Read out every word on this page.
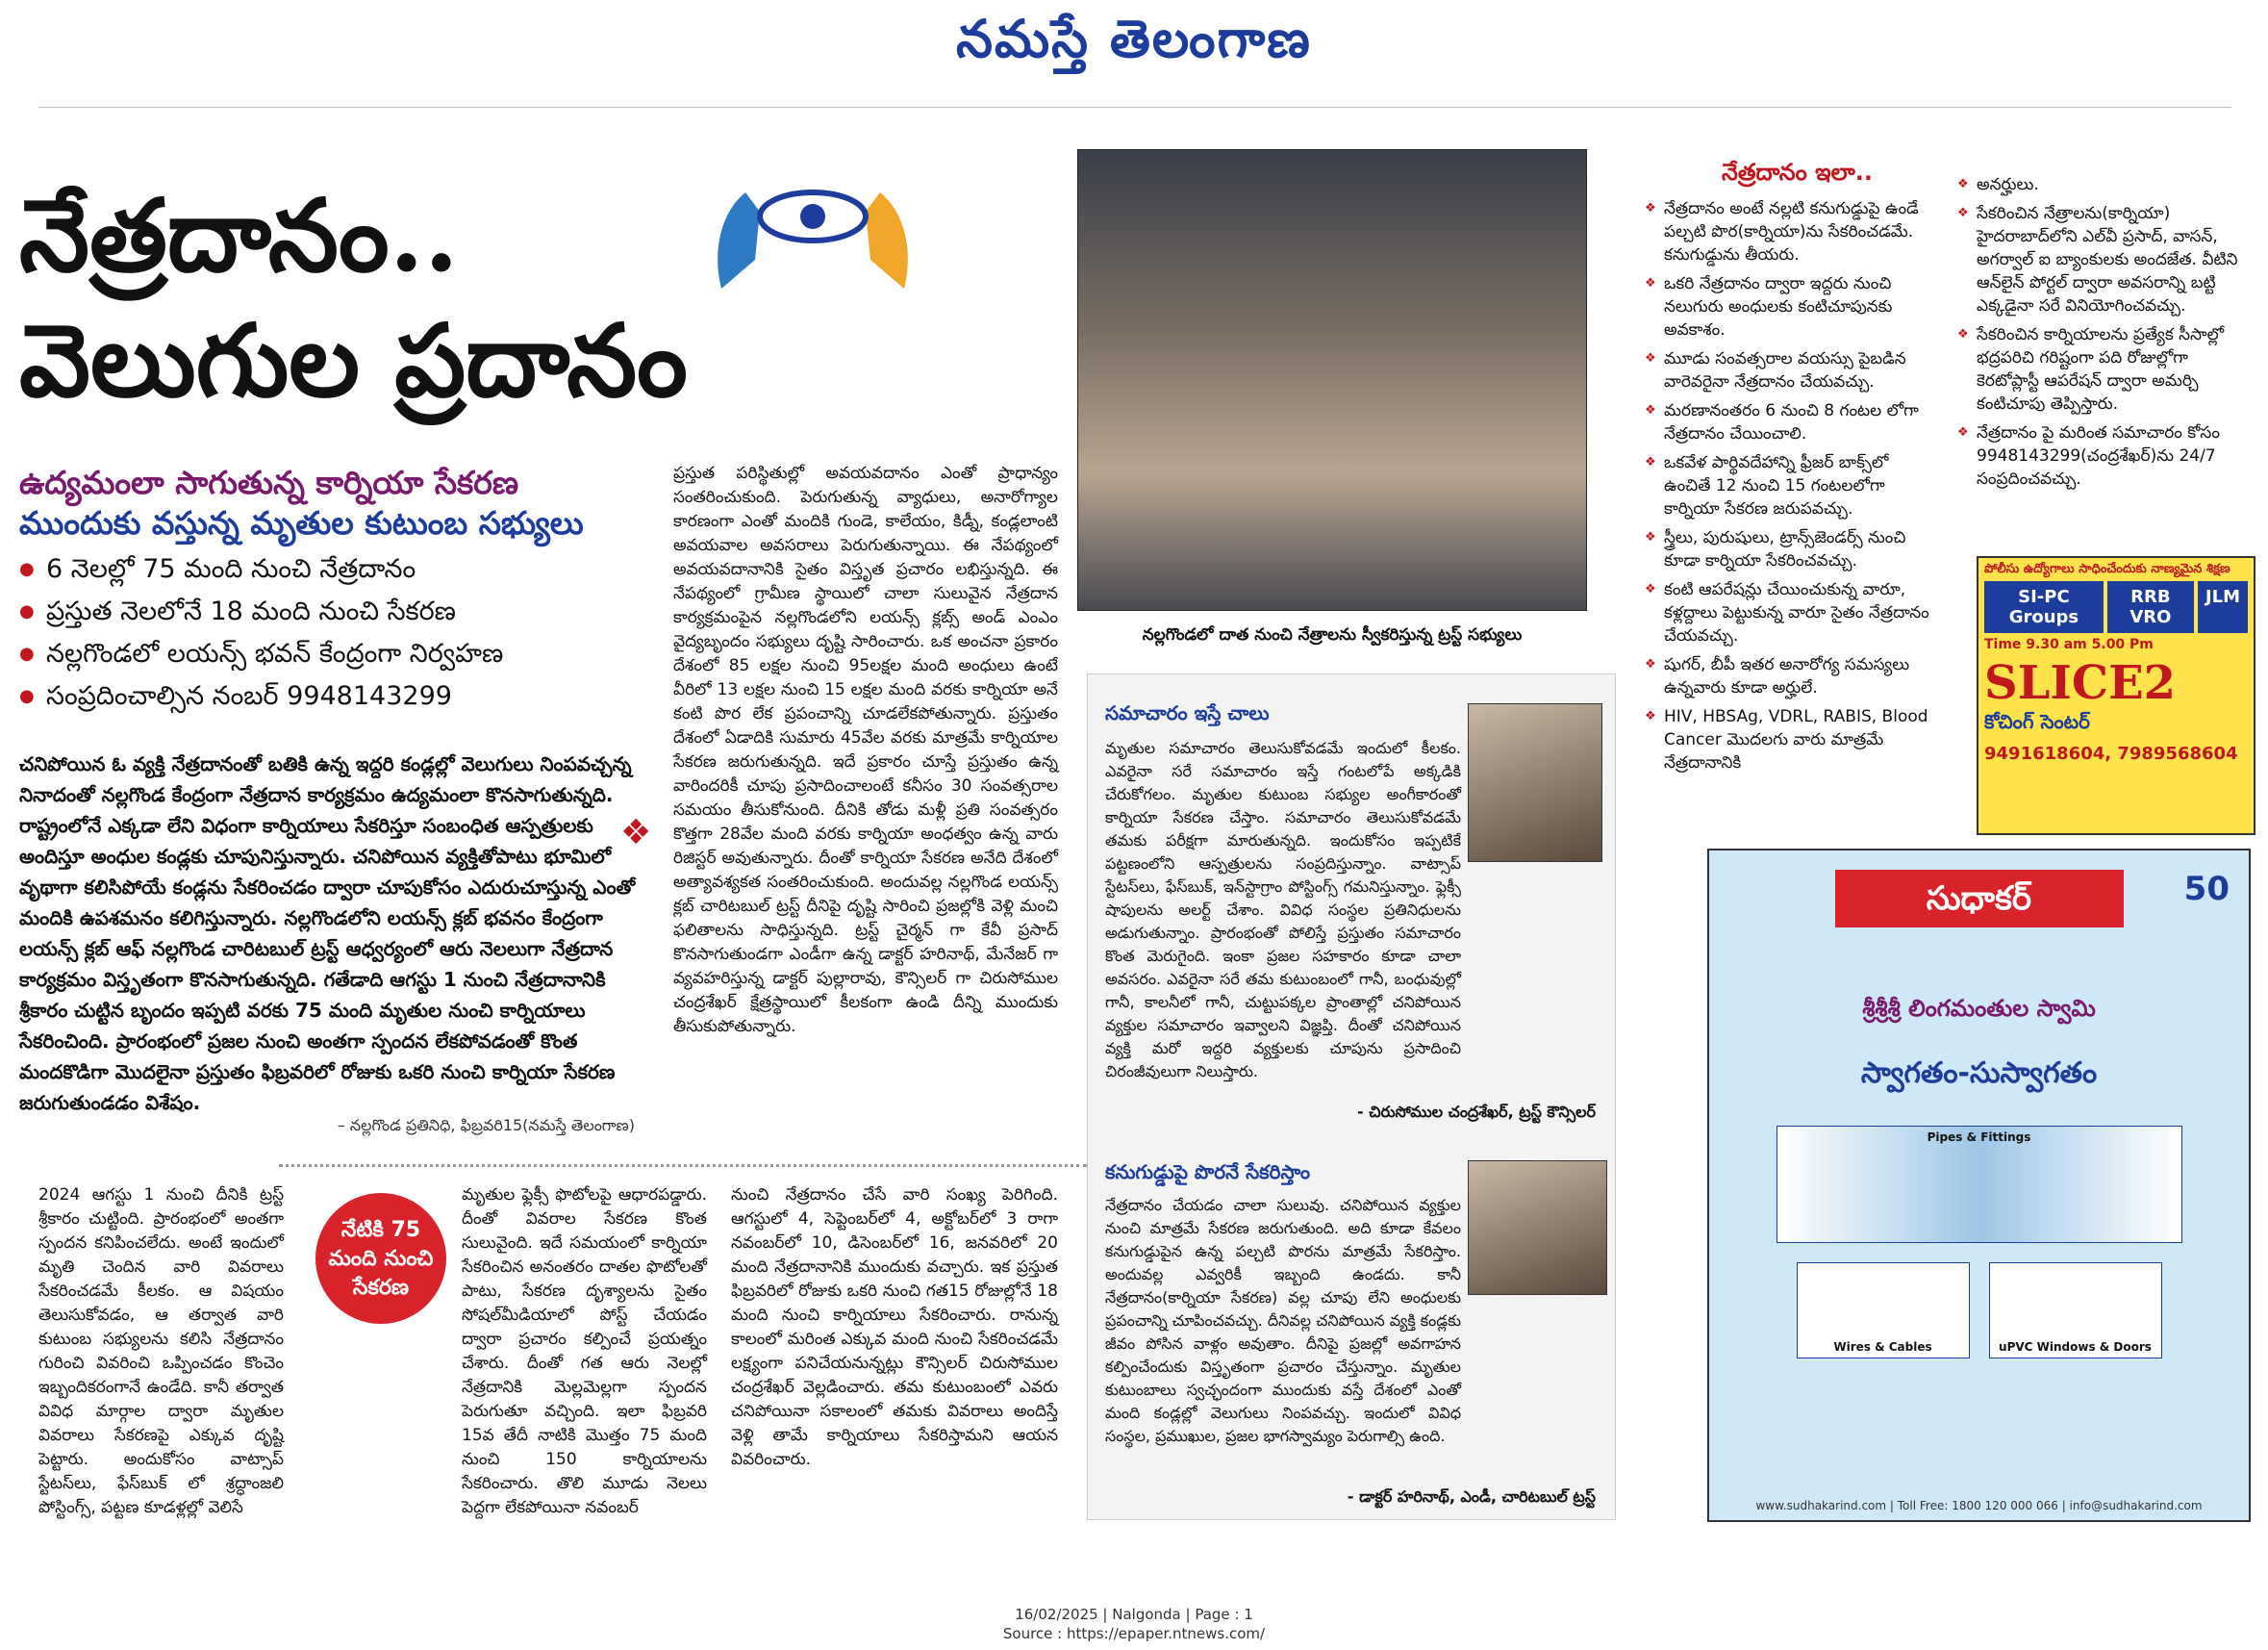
నమస్తే తెలంగాణ
నేత్రదానం..
వెలుగుల ప్రదానం
ఉద్యమంలా సాగుతున్న కార్నియా సేకరణ
ముందుకు వస్తున్న మృతుల కుటుంబ సభ్యులు
● 6 నెలల్లో 75 మంది నుంచి నేత్రదానం
● ప్రస్తుత నెలలోనే 18 మంది నుంచి సేకరణ
● నల్లగొండలో లయన్స్ భవన్ కేంద్రంగా నిర్వహణ
● సంప్రదించాల్సిన నంబర్ 9948143299
చనిపోయిన ఓ వ్యక్తి నేత్రదానంతో బతికి ఉన్న ఇద్దరి కండ్లల్లో వెలుగులు నింపవచ్చన్న నినాదంతో నల్లగొండ కేంద్రంగా నేత్రదాన కార్యక్రమం ఉద్యమంలా కొనసాగుతున్నది. రాష్ట్రంలోనే ఎక్కడా లేని విధంగా కార్నియాలు సేకరిస్తూ సంబంధిత ఆస్పత్రులకు అందిస్తూ అంధుల కండ్లకు చూపునిస్తున్నారు. చనిపోయిన వ్యక్తితోపాటు భూమిలో వృథాగా కలిసిపోయే కండ్లను సేకరించడం ద్వారా చూపుకోసం ఎదురుచూస్తున్న ఎంతో మందికి ఉపశమనం కలిగిస్తున్నారు. నల్లగొండలోని లయన్స్ క్లబ్ భవనం కేంద్రంగా లయన్స్ క్లబ్ ఆఫ్ నల్లగొండ చారిటబుల్ ట్రస్ట్ ఆధ్వర్యంలో ఆరు నెలలుగా నేత్రదాన కార్యక్రమం విస్తృతంగా కొనసాగుతున్నది. గతేడాది ఆగస్టు 1 నుంచి నేత్రదానానికి శ్రీకారం చుట్టిన బృందం ఇప్పటి వరకు 75 మంది మృతుల నుంచి కార్నియాలు సేకరించింది. ప్రారంభంలో ప్రజల నుంచి అంతగా స్పందన లేకపోవడంతో కొంత మందకొడిగా మొదలైనా ప్రస్తుతం ఫిబ్రవరిలో రోజుకు ఒకరి నుంచి కార్నియా సేకరణ జరుగుతుండడం విశేషం.
– నల్లగొండ ప్రతినిధి, ఫిబ్రవరి15(నమస్తే తెలంగాణ)
❖
ప్రస్తుత పరిస్థితుల్లో అవయవదానం ఎంతో ప్రాధాన్యం సంతరించుకుంది. పెరుగుతున్న వ్యాధులు, అనారోగ్యాల కారణంగా ఎంతో మందికి గుండె, కాలేయం, కిడ్నీ, కండ్లలాంటి అవయవాల అవసరాలు పెరుగుతున్నాయి. ఈ నేపథ్యంలో అవయవదానానికి సైతం విస్తృత ప్రచారం లభిస్తున్నది. ఈ నేపథ్యంలో గ్రామీణ స్థాయిలో చాలా సులువైన నేత్రదాన కార్యక్రమంపైన నల్లగొండలోని లయన్స్ క్లబ్స్ అండ్ ఎంఎం వైద్యబృందం సభ్యులు దృష్టి సారించారు. ఒక అంచనా ప్రకారం దేశంలో 85 లక్షల నుంచి 95లక్షల మంది అంధులు ఉంటే వీరిలో 13 లక్షల నుంచి 15 లక్షల మంది వరకు కార్నియా అనే కంటి పొర లేక ప్రపంచాన్ని చూడలేకపోతున్నారు. ప్రస్తుతం దేశంలో ఏడాదికి సుమారు 45వేల వరకు మాత్రమే కార్నియాల సేకరణ జరుగుతున్నది. ఇదే ప్రకారం చూస్తే ప్రస్తుతం ఉన్న వారిందరికీ చూపు ప్రసాదించాలంటే కనీసం 30 సంవత్సరాల సమయం తీసుకోనుంది. దీనికి తోడు మళ్లీ ప్రతి సంవత్సరం కొత్తగా 28వేల మంది వరకు కార్నియా అంధత్వం ఉన్న వారు రిజిస్టర్ అవుతున్నారు. దీంతో కార్నియా సేకరణ అనేది దేశంలో అత్యావశ్యకత సంతరించుకుంది. అందువల్ల నల్లగొండ లయన్స్ క్లబ్ చారిటబుల్ ట్రస్ట్ దీనిపై దృష్టి సారించి ప్రజల్లోకి వెళ్లి మంచి ఫలితాలను సాధిస్తున్నది. ట్రస్ట్ చైర్మన్ గా కేవీ ప్రసాద్ కొనసాగుతుండగా ఎండీగా ఉన్న డాక్టర్ హరినాథ్, మేనేజర్ గా వ్యవహరిస్తున్న డాక్టర్ పుల్లారావు, కౌన్సిలర్ గా చిరుసోముల చంద్రశేఖర్ క్షేత్రస్థాయిలో కీలకంగా ఉండి దీన్ని ముందుకు తీసుకుపోతున్నారు.
2024 ఆగస్టు 1 నుంచి దీనికి ట్రస్ట్ శ్రీకారం చుట్టింది. ప్రారంభంలో అంతగా స్పందన కనిపించలేదు. అంటే ఇందులో మృతి చెందిన వారి వివరాలు సేకరించడమే కీలకం. ఆ విషయం తెలుసుకోవడం, ఆ తర్వాత వారి కుటుంబ సభ్యులను కలిసి నేత్రదానం గురించి వివరించి ఒప్పించడం కొంచెం ఇబ్బందికరంగానే ఉండేది. కానీ తర్వాత వివిధ మార్గాల ద్వారా మృతుల వివరాలు సేకరణపై ఎక్కువ దృష్టి పెట్టారు. అందుకోసం వాట్సాప్ స్టేటస్‌లు, ఫేస్‌బుక్ లో శ్రద్ధాంజలి పోస్టింగ్స్, పట్టణ కూడళ్లల్లో వెలిసే
నేటికి 75 మంది నుంచి సేకరణ
మృతుల ఫ్లెక్సీ ఫొటోలపై ఆధారపడ్డారు. దీంతో వివరాల సేకరణ కొంత సులువైంది. ఇదే సమయంలో కార్నియా సేకరించిన అనంతరం దాతల ఫొటోలతో పాటు, సేకరణ దృశ్యాలను సైతం సోషల్‌మీడియాలో పోస్ట్ చేయడం ద్వారా ప్రచారం కల్పించే ప్రయత్నం చేశారు. దీంతో గత ఆరు నెలల్లో నేత్రదానికి మెల్లమెల్లగా స్పందన పెరుగుతూ వచ్చింది. ఇలా ఫిబ్రవరి 15వ తేదీ నాటికి మొత్తం 75 మంది నుంచి 150 కార్నియాలను సేకరించారు. తొలి మూడు నెలలు పెద్దగా లేకపోయినా నవంబర్
నుంచి నేత్రదానం చేసే వారి సంఖ్య పెరిగింది. ఆగస్టులో 4, సెప్టెంబర్‌లో 4, అక్టోబర్‌లో 3 రాగా నవంబర్‌లో 10, డిసెంబర్‌లో 16, జనవరిలో 20 మంది నేత్రదానానికి ముందుకు వచ్చారు. ఇక ప్రస్తుత ఫిబ్రవరిలో రోజుకు ఒకరి నుంచి గత15 రోజుల్లోనే 18 మంది నుంచి కార్నియాలు సేకరించారు. రానున్న కాలంలో మరింత ఎక్కువ మంది నుంచి సేకరించడమే లక్ష్యంగా పనిచేయనున్నట్లు కౌన్సిలర్ చిరుసోముల చంద్రశేఖర్ వెల్లడించారు. తమ కుటుంబంలో ఎవరు చనిపోయినా సకాలంలో తమకు వివరాలు అందిస్తే వెళ్లి తామే కార్నియాలు సేకరిస్తామని ఆయన వివరించారు.
నల్లగొండలో దాత నుంచి నేత్రాలను స్వీకరిస్తున్న ట్రస్ట్ సభ్యులు
సమాచారం ఇస్తే చాలు
మృతుల సమాచారం తెలుసుకోవడమే ఇందులో కీలకం. ఎవరైనా సరే సమాచారం ఇస్తే గంటలోపే అక్కడికి చేరుకోగలం. మృతుల కుటుంబ సభ్యుల అంగీకారంతో కార్నియా సేకరణ చేస్తాం. సమాచారం తెలుసుకోవడమే తమకు పరీక్షగా మారుతున్నది. ఇందుకోసం ఇప్పటికే పట్టణంలోని ఆస్పత్రులను సంప్రదిస్తున్నాం. వాట్సాప్ స్టేటస్‌లు, ఫేస్‌బుక్, ఇన్‌స్టాగ్రాం పోస్టింగ్స్ గమనిస్తున్నాం. ఫ్లెక్సీ షాపులను అలర్ట్ చేశాం. వివిధ సంస్థల ప్రతినిధులను అడుగుతున్నాం. ప్రారంభంతో పోలిస్తే ప్రస్తుతం సమాచారం కొంత మెరుగైంది. ఇంకా ప్రజల సహకారం కూడా చాలా అవసరం. ఎవరైనా సరే తమ కుటుంబంలో గానీ, బంధువుల్లో గానీ, కాలనీలో గానీ, చుట్టుపక్కల ప్రాంతాల్లో చనిపోయిన వ్యక్తుల సమాచారం ఇవ్వాలని విజ్ఞప్తి. దీంతో చనిపోయిన వ్యక్తి మరో ఇద్దరి వ్యక్తులకు చూపును ప్రసాదించి చిరంజీవులుగా నిలుస్తారు.
- చిరుసోముల చంద్రశేఖర్, ట్రస్ట్ కౌన్సిలర్
కనుగుడ్డుపై పొరనే సేకరిస్తాం
నేత్రదానం చేయడం చాలా సులువు. చనిపోయిన వ్యక్తుల నుంచి మాత్రమే సేకరణ జరుగుతుంది. అది కూడా కేవలం కనుగుడ్డుపైన ఉన్న పల్చటి పొరను మాత్రమే సేకరిస్తాం. అందువల్ల ఎవ్వరికీ ఇబ్బంది ఉండదు. కానీ నేత్రదానం(కార్నియా సేకరణ) వల్ల చూపు లేని అంధులకు ప్రపంచాన్ని చూపించవచ్చు. దీనివల్ల చనిపోయిన వ్యక్తి కండ్లకు జీవం పోసిన వాళ్లం అవుతాం. దీనిపై ప్రజల్లో అవగాహన కల్పించేందుకు విస్తృతంగా ప్రచారం చేస్తున్నాం. మృతుల కుటుంబాలు స్వచ్ఛందంగా ముందుకు వస్తే దేశంలో ఎంతో మంది కండ్లల్లో వెలుగులు నింపవచ్చు. ఇందులో వివిధ సంస్థల, ప్రముఖుల, ప్రజల భాగస్వామ్యం పెరుగాల్సి ఉంది.
- డాక్టర్ హరినాథ్, ఎండీ, చారిటబుల్ ట్రస్ట్
నేత్రదానం ఇలా..
❖ నేత్రదానం అంటే నల్లటి కనుగుడ్డుపై ఉండే పల్చటి పొర(కార్నియా)ను సేకరించడమే. కనుగుడ్డును తీయరు.
❖ ఒకరి నేత్రదానం ద్వారా ఇద్దరు నుంచి నలుగురు అంధులకు కంటిచూపునకు అవకాశం.
❖ మూడు సంవత్సరాల వయస్సు పైబడిన వారెవరైనా నేత్రదానం చేయవచ్చు.
❖ మరణానంతరం 6 నుంచి 8 గంటల లోగా నేత్రదానం చేయించాలి.
❖ ఒకవేళ పార్థివదేహాన్ని ఫ్రీజర్ బాక్స్‌లో ఉంచితే 12 నుంచి 15 గంటలలోగా కార్నియా సేకరణ జరుపవచ్చు.
❖ స్త్రీలు, పురుషులు, ట్రాన్స్‌జెండర్స్ నుంచి కూడా కార్నియా సేకరించవచ్చు.
❖ కంటి ఆపరేషన్లు చేయించుకున్న వారూ, కళ్లద్దాలు పెట్టుకున్న వారూ సైతం నేత్రదానం చేయవచ్చు.
❖ షుగర్, బీపీ ఇతర అనారోగ్య సమస్యలు ఉన్నవారు కూడా అర్హులే.
❖ HIV, HBSAg, VDRL, RABIS, Blood Cancer మొదలగు వారు మాత్రమే నేత్రదానానికి
❖ అనర్హులు.
❖ సేకరించిన నేత్రాలను(కార్నియా) హైదరాబాద్‌లోని ఎల్‌వీ ప్రసాద్, వాసన్, అగర్వాల్ ఐ బ్యాంకులకు అందజేత. వీటిని ఆన్‌లైన్ పోర్టల్ ద్వారా అవసరాన్ని బట్టి ఎక్కడైనా సరే వినియోగించవచ్చు.
❖ సేకరించిన కార్నియాలను ప్రత్యేక సీసాల్లో భద్రపరిచి గరిష్టంగా పది రోజుల్లోగా కెరటోప్లాస్టీ ఆపరేషన్ ద్వారా అమర్చి కంటిచూపు తెప్పిస్తారు.
❖ నేత్రదానం పై మరింత సమాచారం కోసం 9948143299(చంద్రశేఖర్)ను 24/7 సంప్రదించవచ్చు.
పోలీసు ఉద్యోగాలు సాధించేందుకు నాణ్యమైన శిక్షణ
SI-PC Groups
RRB VRO
JLM
Time 9.30 am 5.00 Pm
SLICE2
కోచింగ్ సెంటర్
9491618604, 7989568604
సుధాకర్	50
శ్రీశ్రీశ్రీ లింగమంతుల స్వామి
స్వాగతం-సుస్వాగతం
Pipes & Fittings
Wires & Cables	uPVC Windows & Doors
www.sudhakarind.com | Toll Free: 1800 120 000 066 | info@sudhakarind.com
16/02/2025 | Nalgonda | Page : 1
Source : https://epaper.ntnews.com/
